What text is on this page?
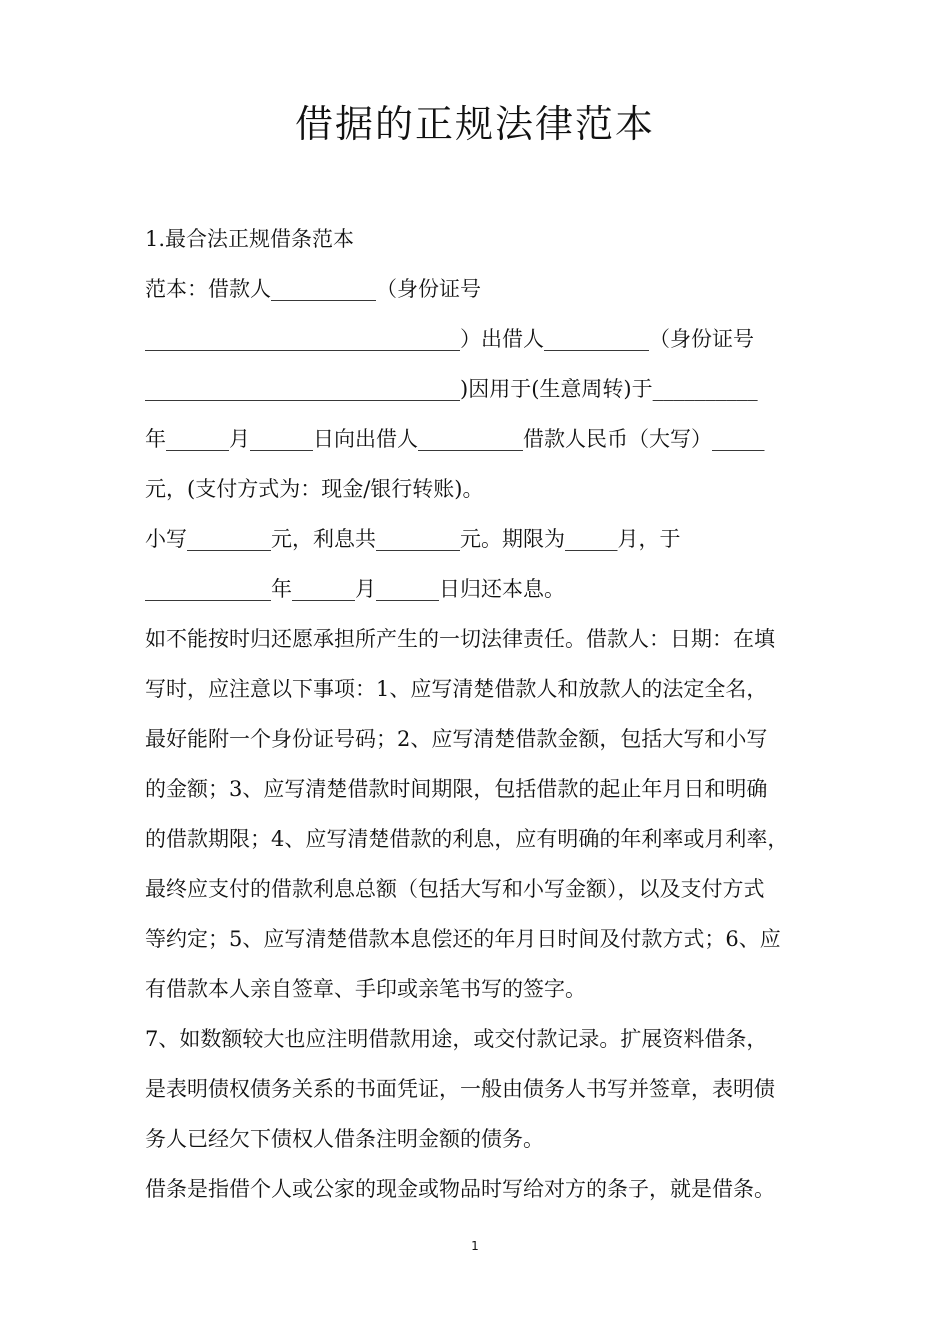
借据的正规法律范本
1.最合法正规借条范本
范本：借款人__________（身份证号
______________________________）出借人__________（身份证号
______________________________)因用于(生意周转)于__________
年______月______日向出借人__________借款人民币（大写）_____
元，(支付方式为：现金/银行转账)。
小写________元，利息共________元。期限为_____月，于
____________年______月______日归还本息。
如不能按时归还愿承担所产生的一切法律责任。借款人：日期：在填
写时，应注意以下事项：1、应写清楚借款人和放款人的法定全名，
最好能附一个身份证号码；2、应写清楚借款金额，包括大写和小写
的金额；3、应写清楚借款时间期限，包括借款的起止年月日和明确
的借款期限；4、应写清楚借款的利息，应有明确的年利率或月利率，
最终应支付的借款利息总额（包括大写和小写金额），以及支付方式
等约定；5、应写清楚借款本息偿还的年月日时间及付款方式；6、应
有借款本人亲自签章、手印或亲笔书写的签字。
7、如数额较大也应注明借款用途，或交付款记录。扩展资料借条，
是表明债权债务关系的书面凭证，一般由债务人书写并签章，表明债
务人已经欠下债权人借条注明金额的债务。
借条是指借个人或公家的现金或物品时写给对方的条子，就是借条。
1
